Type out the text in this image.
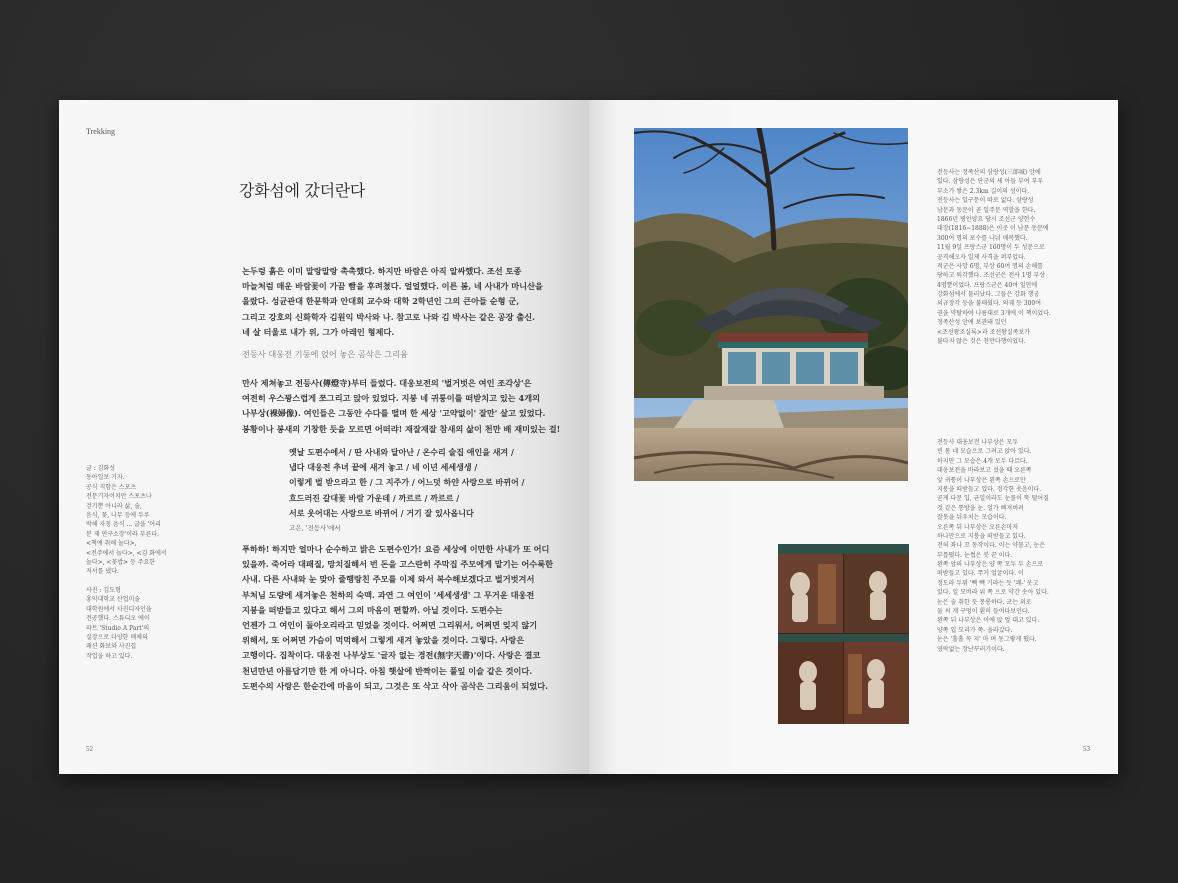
Trekking
강화섬에 갔더란다
논두렁 흙은 이미 말랑말랑 촉촉했다. 하지만 바람은 아직 알싸했다. 조선 토종
마늘처럼 매운 바람꽃이 가끔 빰을 후려쳤다. 얼얼했다. 이른 봄, 네 사내가 마니산을
올랐다. 성균관대 한문학과 안대회 교수와 대학 2학년인 그의 큰아들 순형 군,
그리고 강호의 신화학자 김원익 박사와 나. 참고로 나와 김 박사는 같은 공장 출신.
네 살 터울로 내가 위, 그가 아래인 형제다.
전등사 대웅전 기둥에 얹어 놓은 곰삭은 그리움
만사 제쳐놓고 전등사(傳燈寺)부터 들렀다. 대웅보전의 '벌거벗은 여인 조각상'은
여전히 우스꽝스럽게 쪼그리고 앉아 있었다. 지붕 네 귀퉁이를 떠받치고 있는 4개의
나부상(裸婦像). 여인들은 그동안 수다를 떨며 한 세상 '고약없이' 잘만' 살고 있었다.
봉황이나 봉새의 기창한 듯을 모르면 어떠랴! 재잘재잘 참새의 삶이 천만 배 재미있는 걸!
옛날 도편수에서 / 딴 사내와 달아난 / 온수리 술집 애인을 새겨 /
냅다 대웅전 추녀 끝에 새겨 놓고 / 네 이년 세세생생 /
이렇게 벌 받으라고 한 / 그 지주가 / 어느덧 하얀 사랑으로 바뀌어 /
흐드러진 갈대꽃 바람 가운데 / 까르르 / 까르르 /
서로 웃어대는 사랑으로 바뀌어 / 거기 잘 있사옵니다
고은, '전등사'에서
푸하하! 하지만 얼마나 순수하고 밝은 도편수인가! 요즘 세상에 이만한 사내가 또 어디
있을까. 죽어라 대패질, 망치질해서 번 돈을 고스란히 주막집 주모에게 맡기는 어수룩한
사내. 다른 사내와 눈 맞아 줄행랑친 주모를 이제 와서 복수해보겠다고 벌거벗겨서
부처님 도량에 새겨놓은 천하의 숙맥. 과연 그 여인이 '세세생생' 그 무거운 대웅전
지붕을 떠받들고 있다고 해서 그의 마음이 편할까. 아닐 것이다. 도편수는
언젠가 그 여인이 돌아오리라고 믿었을 것이다. 어쩌면 그리워서, 어쩌면 잊지 않기
위해서, 또 어쩌면 가슴이 먹먹해서 그렇게 새겨 놓았을 것이다. 그렇다. 사랑은
고행이다. 집착이다. 대웅전 나부상도 '글자 없는 경전(無字天書)'이다. 사랑은 결코
천년만년 아름답기만 한 게 아니다. 아침 햇살에 반짝이는 풀잎 이슬 같은 것이다.
도편수의 사랑은 한순간에 마음이 되고, 그것은 또 삭고 삭아 곰삭은 그리움이 되었다.
글 : 김화성
동아일보 기자.
공식 직함은 스포츠
전문기자이지만 스포츠나
걷기뿐 아니라 삶, 술,
음식, 꽃, 나무 등에 두루
박해 자칭 음식 ... 글을 '어리
분 제 연구소장'이라 부른다.
<책에 취해 놀다>,
<전주에서 놀다>, <김 화에서
놀다>, <꽃밥> 등 주요한
저서를 냈다.
사진 : 김도형
홍익대학교 산업미술
대학원에서 사진디자인을
전공했다. 스튜디오 에이
파트 'Studio A Part'의
실장으로 다양한 매체의
패션 화보와 사진집
작업을 하고 있다.
52
전등사는 정족산의 삼랑성(三郞城) 안에
있다. 삼랑성은 단군의 세 아들 부여 부우
부소가 쌓은 2.3km 길이의 성이다.
전등사는 입구문이 따로 없다. 삼랑성
남문과 동문이 곧 일주문 역할을 한다.
1866년 병인양요 당시 조선군 양헌수
대장(1816~1888)은 이곳 이 남문 동문에
300여 명의 포수를 나눠 매복했다.
11월 9일 프랑스군 160명이 두 성문으로
공격해오자 일제 사격을 퍼부었다.
적군은 사망 6명, 부상 60여 명의 손해를
당하고 퇴각했다. 조선군은 전사 1명 부상
4명뿐이었다. 프랑스군은 40여 일만에
강화섬에서 물러났다. 그들은 강화 행궁
외규장각 등을 불태웠다. 의궤 등 300여
권을 약탈하여 나름대로 3개에 이 책이었다.
정족산성 안에 보관돼 있던
<조선왕조실록>과 조선왕실족보가
불타지 않은 것은 천만다행이었다.
전등사 대웅보전 나부상은 모두
빈 몸 네 모습으로 그려고 앉아 있다.
하지만 그 모습은 4개 모두 다르다.
대웅보전을 바라보고 섰을 때 오른쪽
앞 귀퉁이 나부상은 왼쪽 손으로만
지붕을 떠받들고 있다. 정각한 웃음이다.
곧게 다문 입, 균일이라도 눈물이 뚝 떨어질
것 같은 통방을 눈. 얼가 삐져버려
잘못을 뉘우치는 모습이다.
오른쪽 뒤 나부상은 오른손마저
하나만으로 지붕을 떠받들고 있다.
전혀 좌나 꼬 동작이다. 이는 약물고, 눈은
부릅떴다. 눈썹은 붓 꾼 이다.
왼쪽 앞의 나부상은 양 쪽 모두 두 손으로
떠받들고 있다. 쭈거 얼굴이다. 이
정도라 두워 '빽 빽 기라는 듯 '쾌-' 웃고
있다. 일 모버라 위 쪽 으로 약간 솟아 있다.
눈은 술 취한 듯 몽롱하다. 코는 외로
둘 씨 게 구멍이 훤히 들여다보인다.
왼쪽 뒤 나부상은 이에 앉 엎 대고 있다.
양쪽 입 모리가 쭉- 올라갔다.
눈은 '홀홀 꼭 지' 마 며 동그랗게 떴다.
영락없는 장난꾸러기이다.
53
